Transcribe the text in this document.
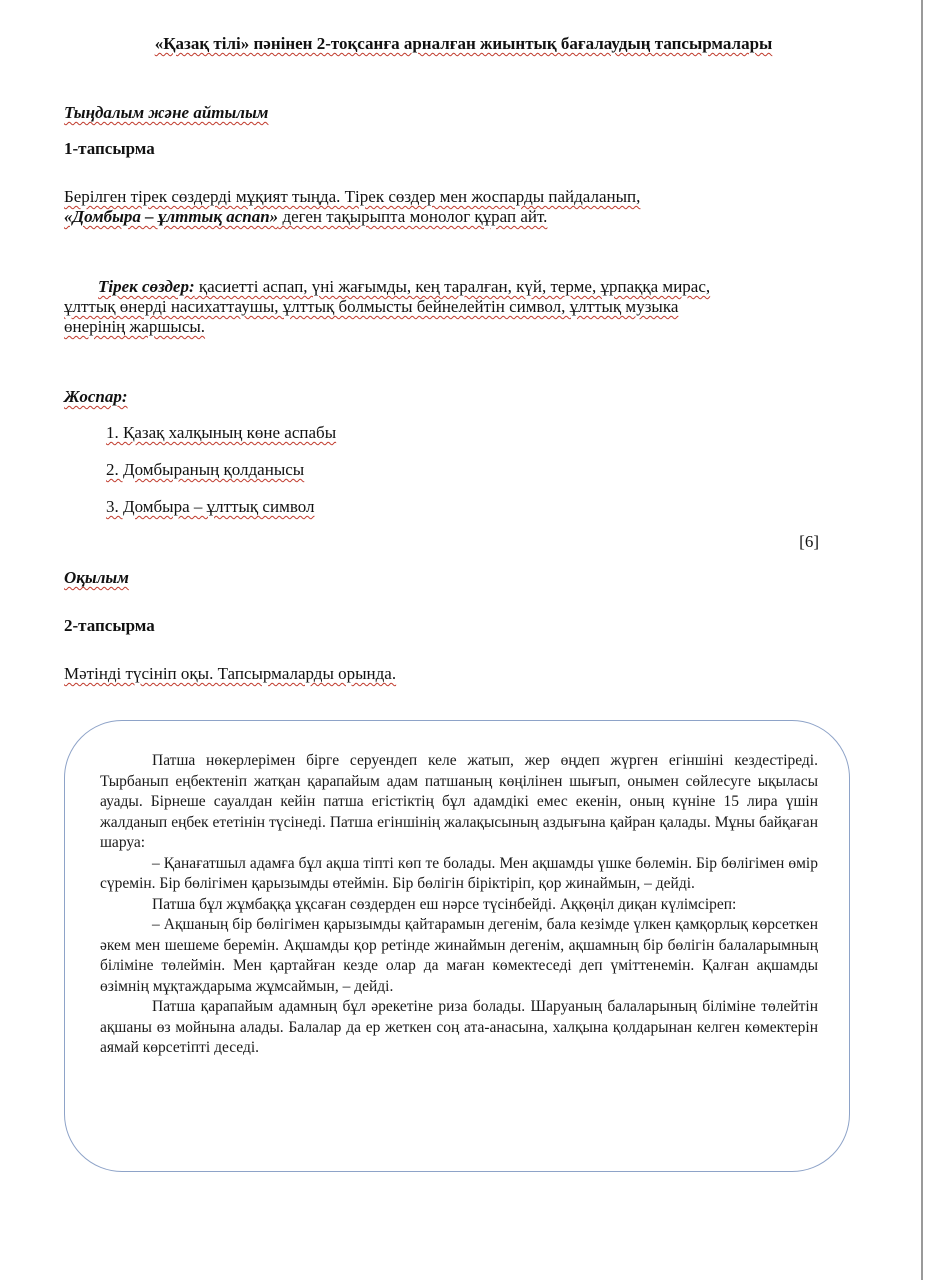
«Қазақ тілі» пәнінен 2-тоқсанға арналған жиынтық бағалаудың тапсырмалары
Тыңдалым және айтылым
1-тапсырма
Берілген тірек сөздерді мұқият тыңда. Тірек сөздер мен жоспарды пайдаланып,
«Домбыра – ұлттық аспап» деген тақырыпта монолог құрап айт.
Тірек сөздер: қасиетті аспап, үні жағымды, кең таралған, күй, терме, ұрпаққа мирас,
ұлттық өнерді насихаттаушы, ұлттық болмысты бейнелейтін символ, ұлттық музыка
өнерінің жаршысы.
Жоспар:
1. Қазақ халқының көне аспабы
2. Домбыраның қолданысы
3. Домбыра – ұлттық символ
[6]
Оқылым
2-тапсырма
Мәтінді түсініп оқы. Тапсырмаларды орында.

Патша нөкерлерімен бірге серуендеп келе жатып, жер өңдеп жүрген егіншіні кездестіреді. Тырбанып еңбектеніп жатқан қарапайым адам патшаның көңілінен шығып, онымен сөйлесуге ықыласы ауады. Бірнеше сауалдан кейін патша егістіктің бұл адамдікі емес екенін, оның күніне 15 лира үшін жалданып еңбек ететінін түсінеді. Патша егіншінің жалақысының аздығына қайран қалады. Мұны байқаған шаруа:

– Қанағатшыл адамға бұл ақша тіпті көп те болады. Мен ақшамды үшке бөлемін. Бір бөлігімен өмір сүремін. Бір бөлігімен қарызымды өтеймін. Бір бөлігін біріктіріп, қор жинаймын, – дейді.

Патша бұл жұмбаққа ұқсаған сөздерден еш нәрсе түсінбейді. Аққөңіл диқан күлімсіреп:

– Ақшаның бір бөлігімен қарызымды қайтарамын дегенім, бала кезімде үлкен қамқорлық көрсеткен әкем мен шешеме беремін. Ақшамды қор ретінде жинаймын дегенім, ақшамның бір бөлігін балаларымның біліміне төлеймін. Мен қартайған кезде олар да маған көмектеседі деп үміттенемін. Қалған ақшамды өзімнің мұқтаждарыма жұмсаймын, – дейді.

Патша қарапайым адамның бұл әрекетіне риза болады. Шаруаның балаларының біліміне төлейтін ақшаны өз мойнына алады. Балалар да ер жеткен соң ата-анасына, халқына қолдарынан келген көмектерін аямай көрсетіпті деседі.
